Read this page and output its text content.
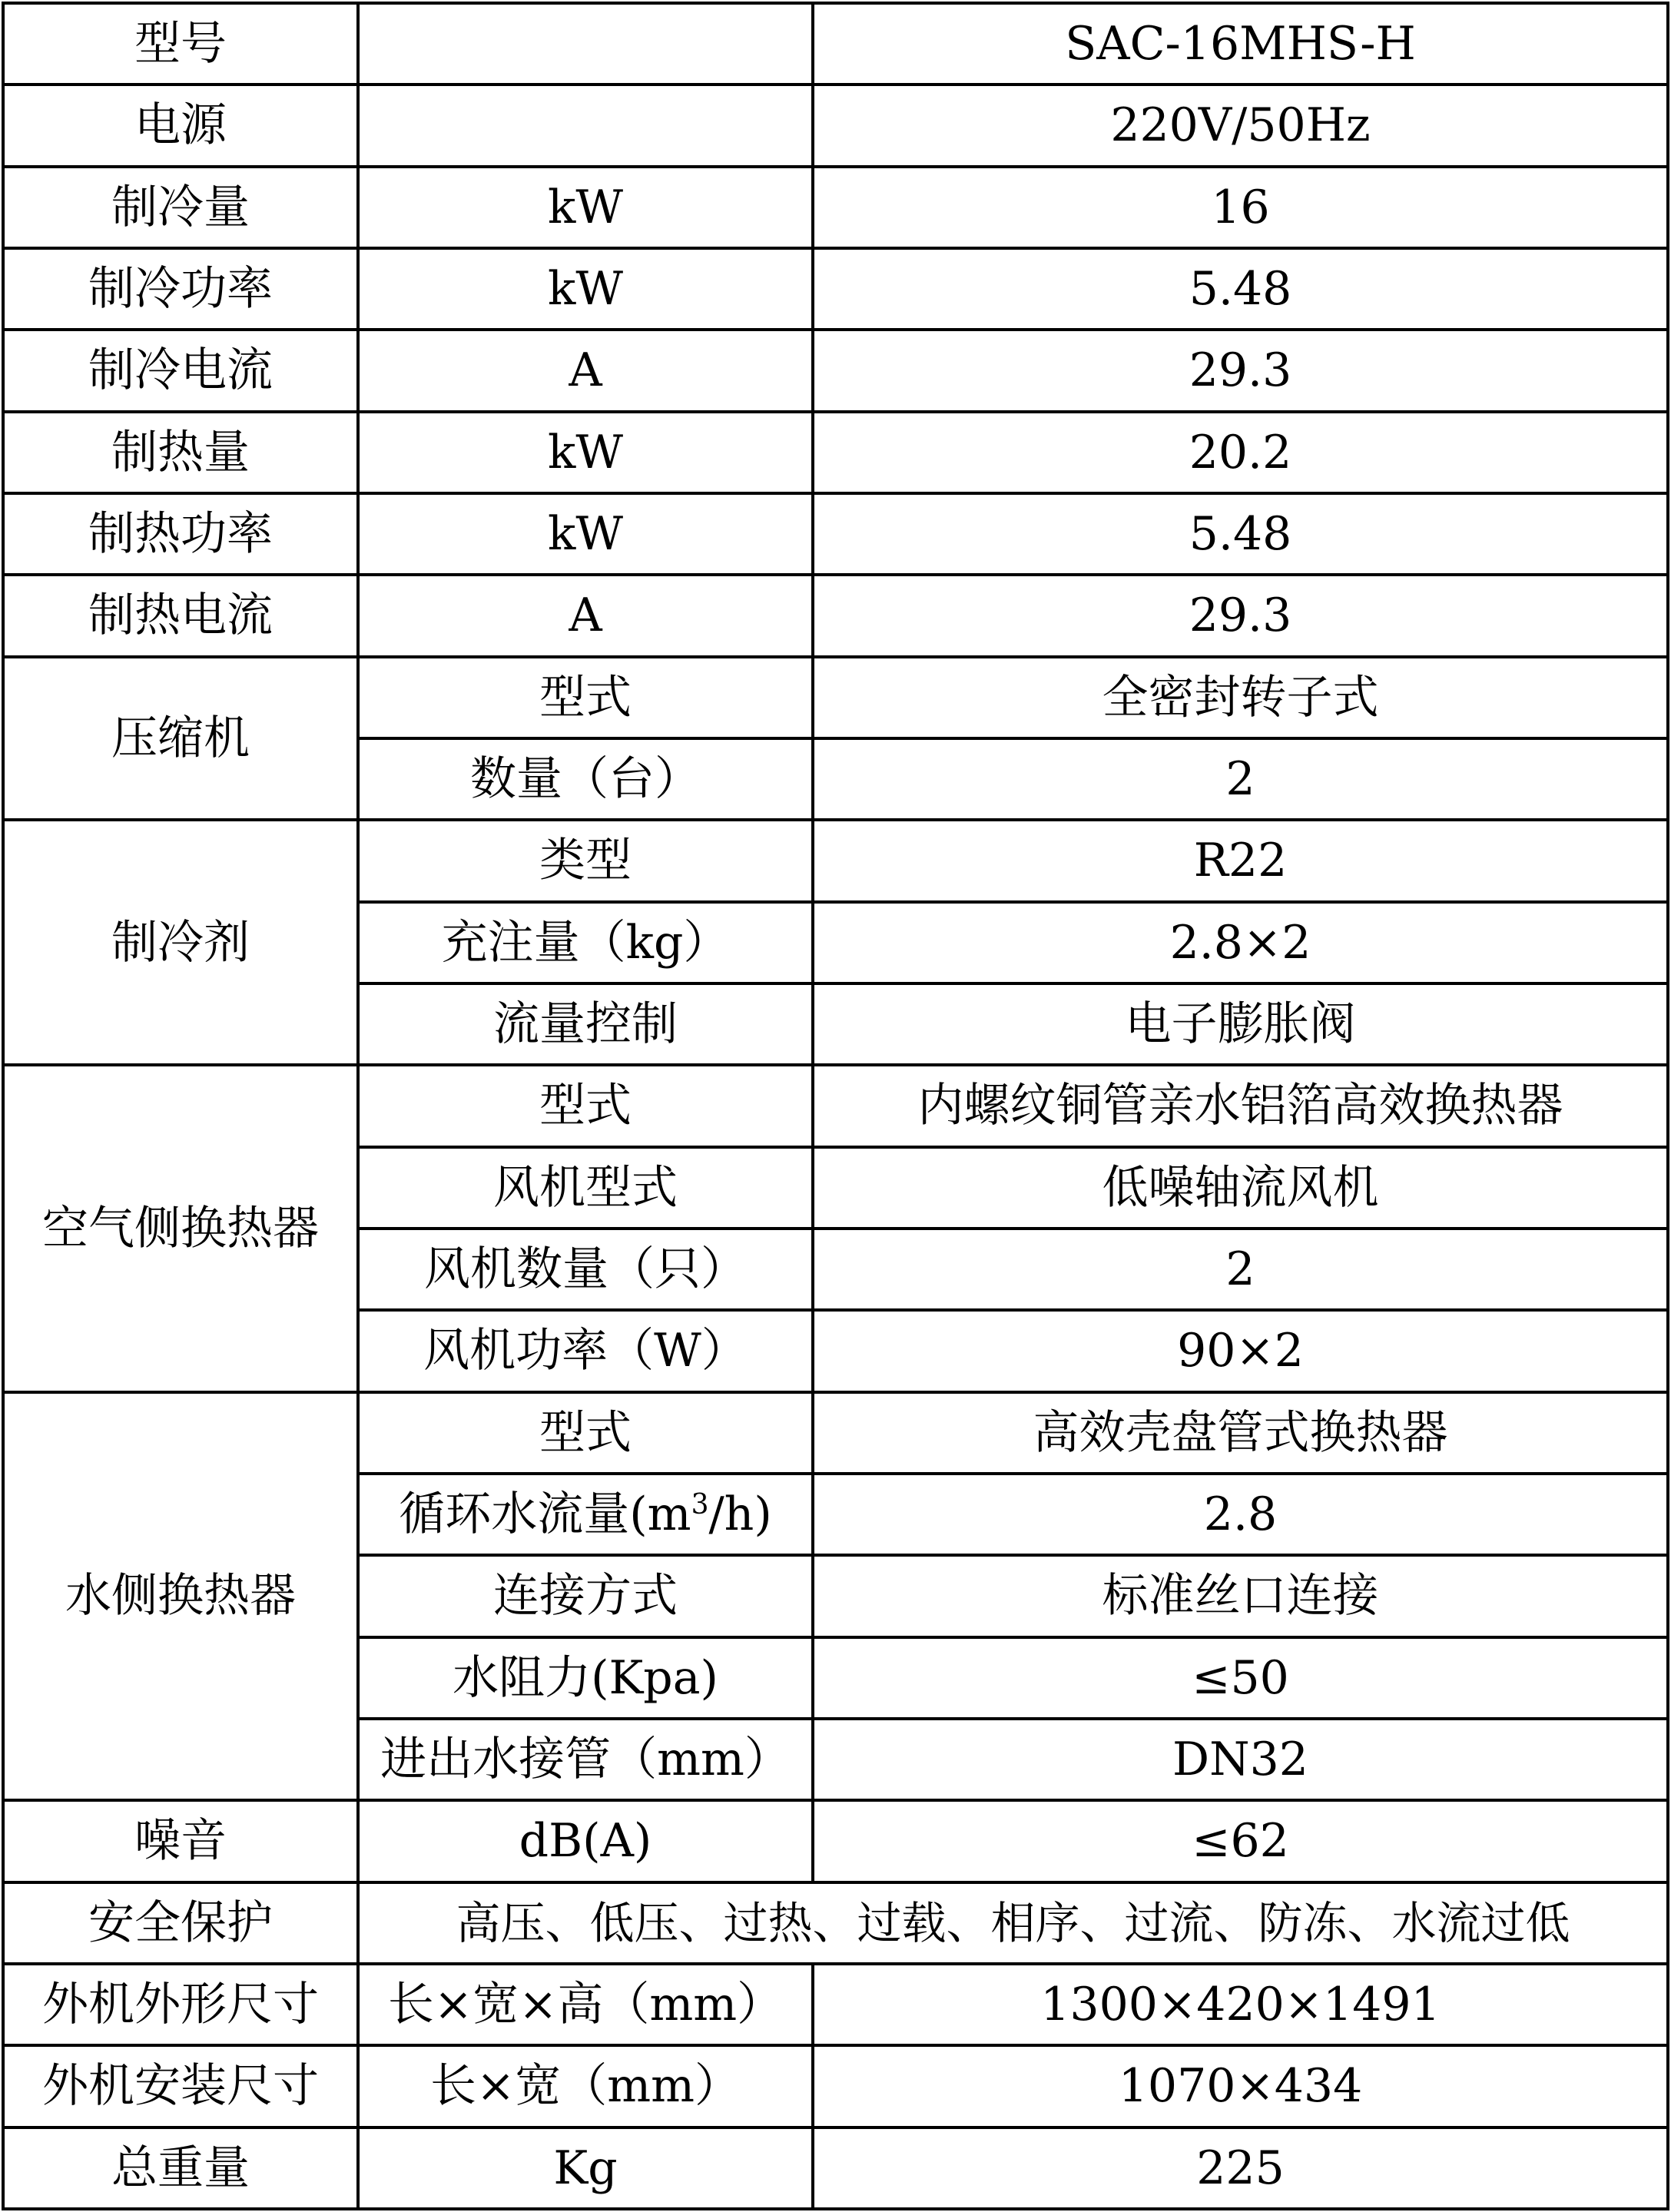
型号		SAC-16MHS-H
电源		220V/50Hz
制冷量	kW	16
制冷功率	kW	5.48
制冷电流	A	29.3
制热量	kW	20.2
制热功率	kW	5.48
制热电流	A	29.3
压缩机	型式	全密封转子式
	数量（台）	2
制冷剂	类型	R22
	充注量（kg）	2.8×2
	流量控制	电子膨胀阀
空气侧换热器	型式	内螺纹铜管亲水铝箔高效换热器
	风机型式	低噪轴流风机
	风机数量（只）	2
	风机功率（W）	90×2
水侧换热器	型式	高效壳盘管式换热器
	循环水流量$(m^3/h)$	2.8
	连接方式	标准丝口连接
	水阻力(Kpa)	≤50
	进出水接管（mm）	DN32
噪音	dB(A)	≤62
安全保护	高压、低压、过热、过载、相序、过流、防冻、水流过低	
外机外形尺寸	长×宽×高（mm）	1300×420×1491
外机安装尺寸	长×宽（mm）	1070×434
总重量	Kg	225
